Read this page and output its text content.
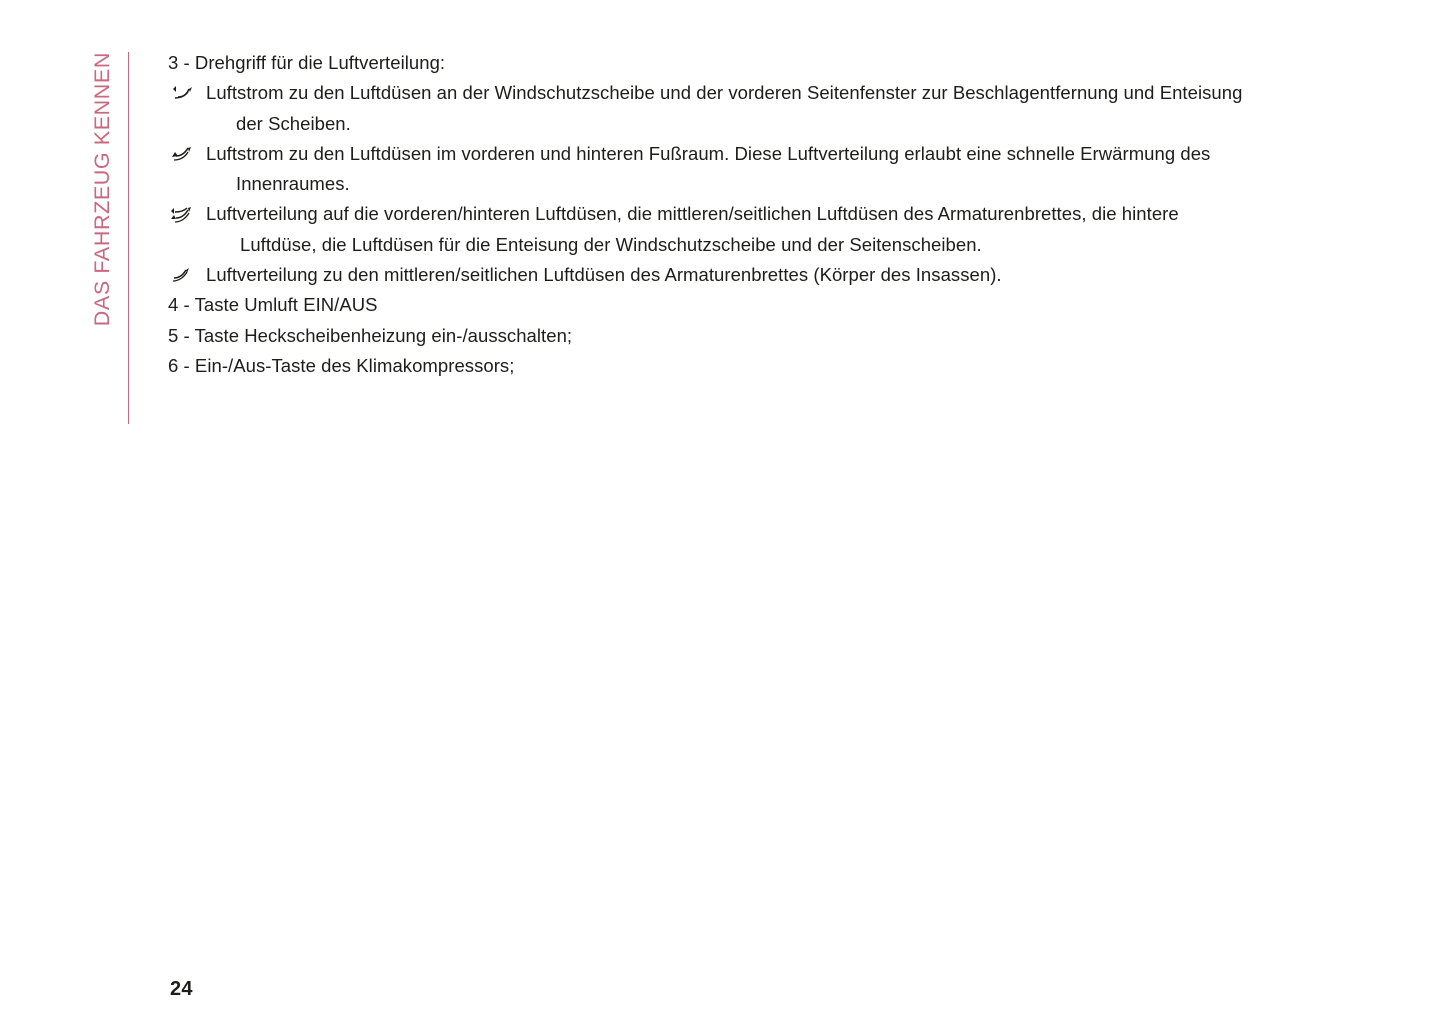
DAS FAHRZEUG KENNEN	3 - Drehgriff für die Luftverteilung:
Luftstrom zu den Luftdüsen an der Windschutzscheibe und der vorderen Seitenfenster zur Beschlagentfernung und Enteisung
der Scheiben.
Luftstrom zu den Luftdüsen im vorderen und hinteren Fußraum. Diese Luftverteilung erlaubt eine schnelle Erwärmung des
Innenraumes.
Luftverteilung auf die vorderen/hinteren Luftdüsen, die mittleren/seitlichen Luftdüsen des Armaturenbrettes, die hintere
Luftdüse, die Luftdüsen für die Enteisung der Windschutzscheibe und der Seitenscheiben.
Luftverteilung zu den mittleren/seitlichen Luftdüsen des Armaturenbrettes (Körper des Insassen).
4 - Taste Umluft EIN/AUS
5 - Taste Heckscheibenheizung ein-/ausschalten;
6 - Ein-/Aus-Taste des Klimakompressors;
24
